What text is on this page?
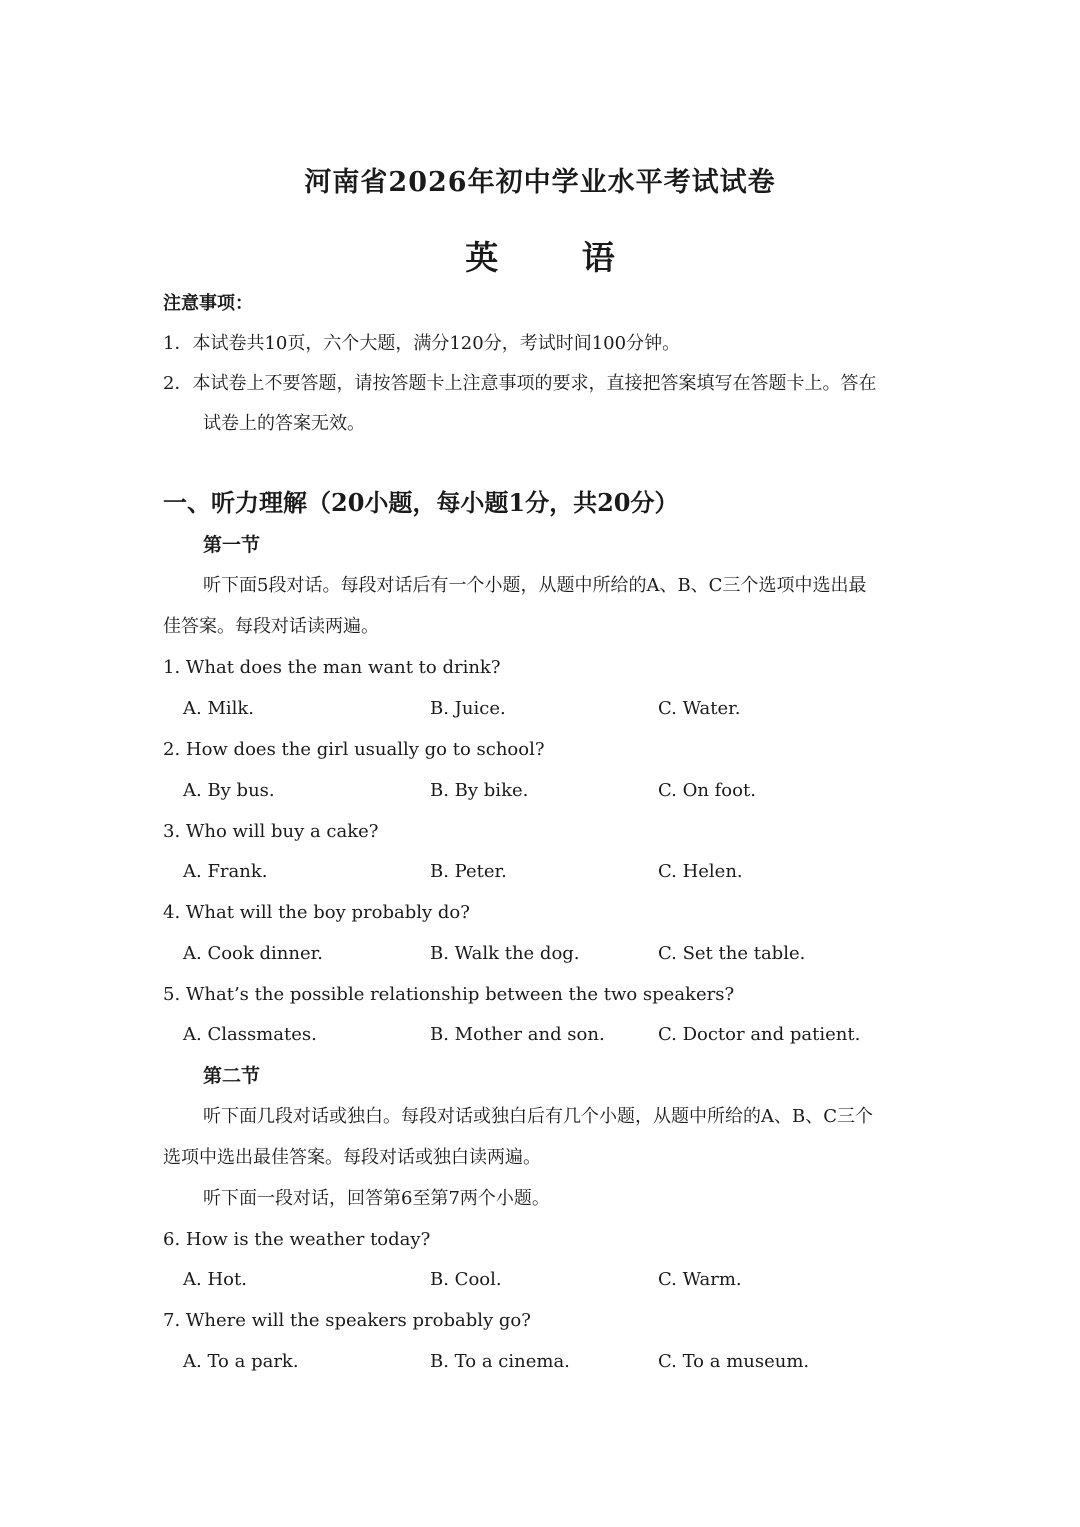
河南省2026年初中学业水平考试试卷
英 语
注意事项：
1．本试卷共10页，六个大题，满分120分，考试时间100分钟。
2．本试卷上不要答题，请按答题卡上注意事项的要求，直接把答案填写在答题卡上。答在
试卷上的答案无效。
一、听力理解（20小题，每小题1分，共20分）
第一节
听下面5段对话。每段对话后有一个小题，从题中所给的A、B、C三个选项中选出最
佳答案。每段对话读两遍。
1. What does the man want to drink?
A. Milk.	B. Juice.	C. Water.
2. How does the girl usually go to school?
A. By bus.	B. By bike.	C. On foot.
3. Who will buy a cake?
A. Frank.	B. Peter.	C. Helen.
4. What will the boy probably do?
A. Cook dinner.	B. Walk the dog.	C. Set the table.
5. What’s the possible relationship between the two speakers?
A. Classmates.	B. Mother and son.	C. Doctor and patient.
第二节
听下面几段对话或独白。每段对话或独白后有几个小题，从题中所给的A、B、C三个
选项中选出最佳答案。每段对话或独白读两遍。
听下面一段对话，回答第6至第7两个小题。
6. How is the weather today?
A. Hot.	B. Cool.	C. Warm.
7. Where will the speakers probably go?
A. To a park.	B. To a cinema.	C. To a museum.
